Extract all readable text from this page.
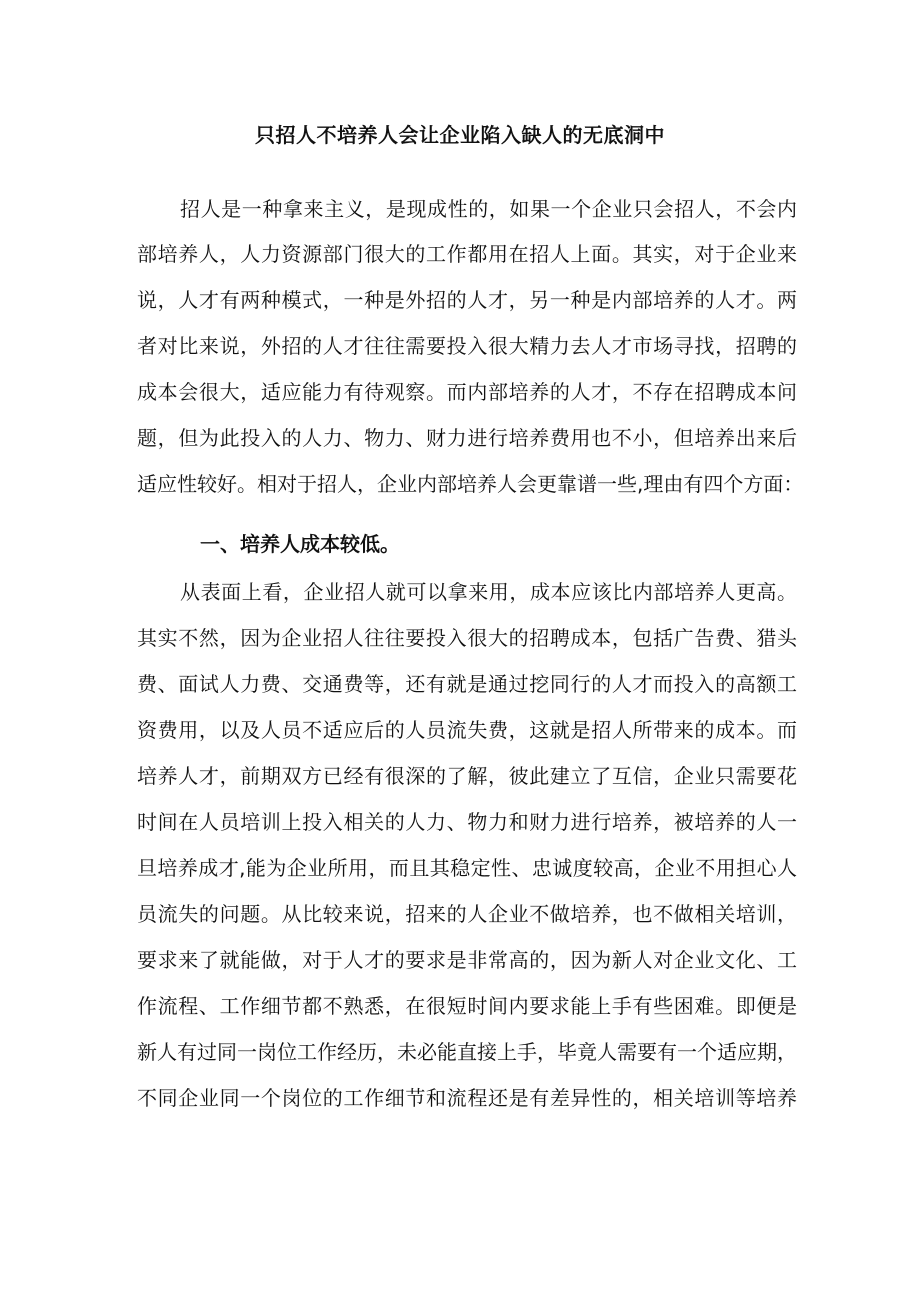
只招人不培养人会让企业陷入缺人的无底洞中
招人是一种拿来主义，是现成性的，如果一个企业只会招人，不会内
部培养人，人力资源部门很大的工作都用在招人上面。其实，对于企业来
说，人才有两种模式，一种是外招的人才，另一种是内部培养的人才。两
者对比来说，外招的人才往往需要投入很大精力去人才市场寻找，招聘的
成本会很大，适应能力有待观察。而内部培养的人才，不存在招聘成本问
题，但为此投入的人力、物力、财力进行培养费用也不小，但培养出来后
适应性较好。相对于招人，企业内部培养人会更靠谱一些,理由有四个方面：
一、培养人成本较低。
从表面上看，企业招人就可以拿来用，成本应该比内部培养人更高。
其实不然，因为企业招人往往要投入很大的招聘成本，包括广告费、猎头
费、面试人力费、交通费等，还有就是通过挖同行的人才而投入的高额工
资费用，以及人员不适应后的人员流失费，这就是招人所带来的成本。而
培养人才，前期双方已经有很深的了解，彼此建立了互信，企业只需要花
时间在人员培训上投入相关的人力、物力和财力进行培养，被培养的人一
旦培养成才,能为企业所用，而且其稳定性、忠诚度较高，企业不用担心人
员流失的问题。从比较来说，招来的人企业不做培养，也不做相关培训，
要求来了就能做，对于人才的要求是非常高的，因为新人对企业文化、工
作流程、工作细节都不熟悉，在很短时间内要求能上手有些困难。即便是
新人有过同一岗位工作经历，未必能直接上手，毕竟人需要有一个适应期，
不同企业同一个岗位的工作细节和流程还是有差异性的，相关培训等培养
